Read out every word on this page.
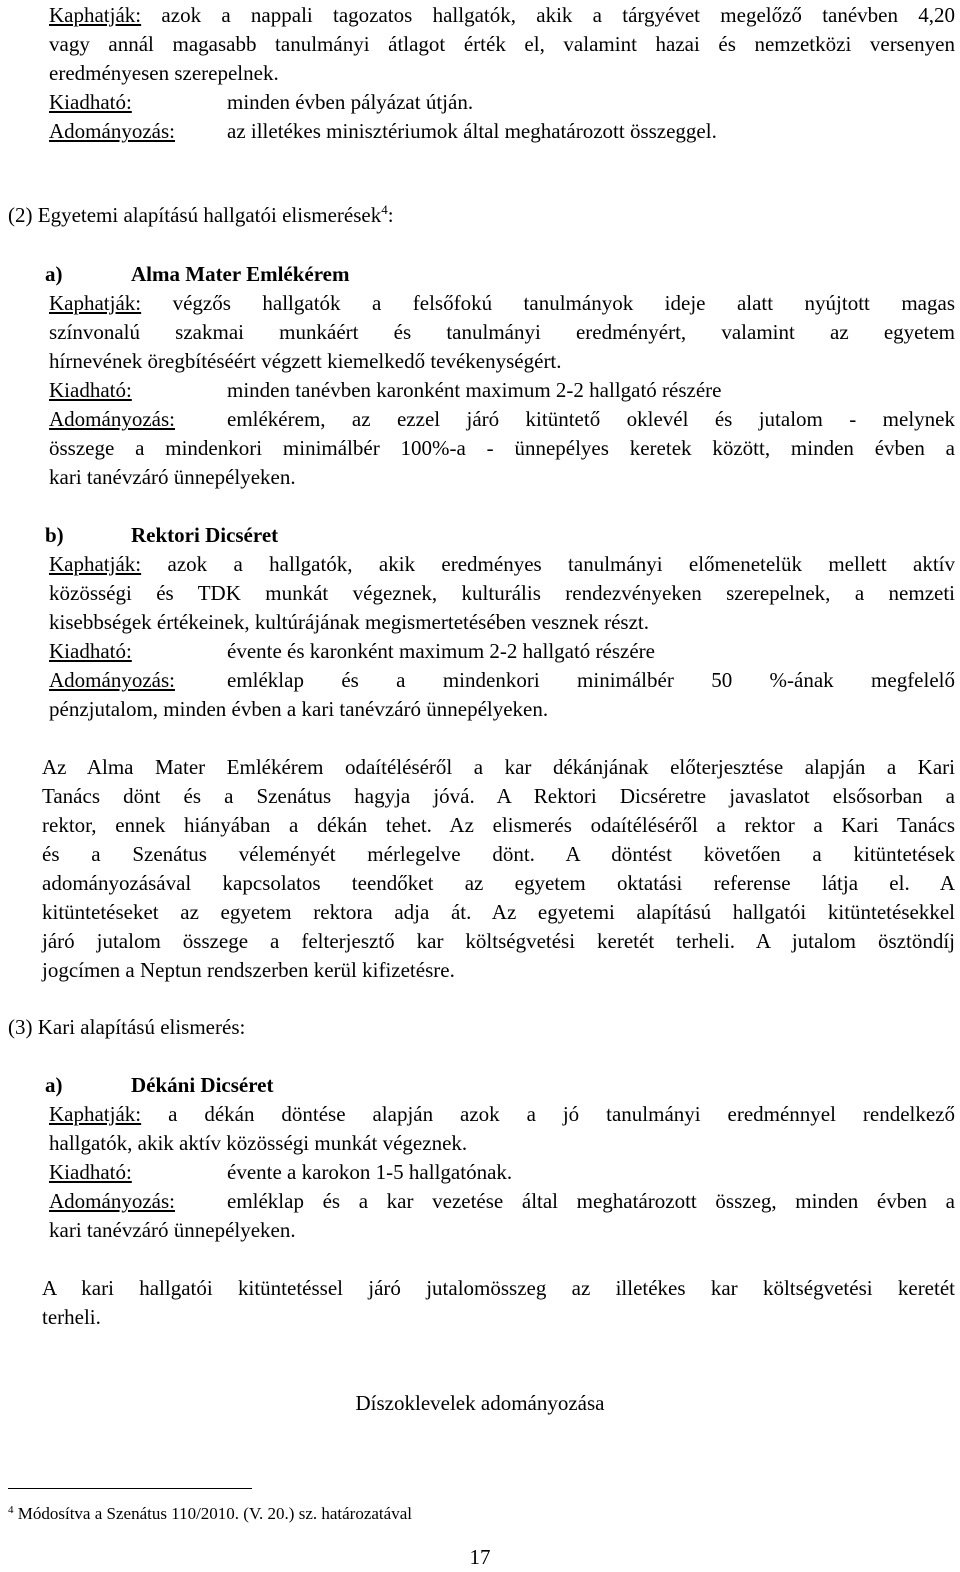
Kaphatják: azok a nappali tagozatos hallgatók, akik a tárgyévet megelőző tanévben 4,20
vagy annál magasabb tanulmányi átlagot érték el, valamint hazai és nemzetközi versenyen
eredményesen szerepelnek.
Kiadható:	minden évben pályázat útján.
Adományozás: az illetékes minisztériumok által meghatározott összeggel.
(2) Egyetemi alapítású hallgatói elismerések$^4$:
a)	Alma Mater Emlékérem
Kaphatják: végzős hallgatók a felsőfokú tanulmányok ideje alatt nyújtott magas
színvonalú szakmai munkáért és tanulmányi eredményért, valamint az egyetem
hírnevének öregbítéséért végzett kiemelkedő tevékenységért.
Kiadható:	minden tanévben karonként maximum 2-2 hallgató részére
Adományozás: emlékérem, az ezzel járó kitüntető oklevél és jutalom - melynek
összege a mindenkori minimálbér 100%-a - ünnepélyes keretek között, minden évben a
kari tanévzáró ünnepélyeken.
b)	Rektori Dicséret
Kaphatják: azok a hallgatók, akik eredményes tanulmányi előmenetelük mellett aktív
közösségi és TDK munkát végeznek, kulturális rendezvényeken szerepelnek, a nemzeti
kisebbségek értékeinek, kultúrájának megismertetésében vesznek részt.
Kiadható:	évente és karonként maximum 2-2 hallgató részére
Adományozás: emléklap és a mindenkori minimálbér 50 %-ának megfelelő
pénzjutalom, minden évben a kari tanévzáró ünnepélyeken.
Az Alma Mater Emlékérem odaítéléséről a kar dékánjának előterjesztése alapján a Kari
Tanács dönt és a Szenátus hagyja jóvá. A Rektori Dicséretre javaslatot elsősorban a
rektor, ennek hiányában a dékán tehet. Az elismerés odaítéléséről a rektor a Kari Tanács
és a Szenátus véleményét mérlegelve dönt. A döntést követően a kitüntetések
adományozásával kapcsolatos teendőket az egyetem oktatási referense látja el. A
kitüntetéseket az egyetem rektora adja át. Az egyetemi alapítású hallgatói kitüntetésekkel
járó jutalom összege a felterjesztő kar költségvetési keretét terheli. A jutalom ösztöndíj
jogcímen a Neptun rendszerben kerül kifizetésre.
(3) Kari alapítású elismerés:
a)	Dékáni Dicséret
Kaphatják: a dékán döntése alapján azok a jó tanulmányi eredménnyel rendelkező
hallgatók, akik aktív közösségi munkát végeznek.
Kiadható:	évente a karokon 1-5 hallgatónak.
Adományozás: emléklap és a kar vezetése által meghatározott összeg, minden évben a
kari tanévzáró ünnepélyeken.
A kari hallgatói kitüntetéssel járó jutalomösszeg az illetékes kar költségvetési keretét
terheli.
Díszoklevelek adományozása
$^4$ Módosítva a Szenátus 110/2010. (V. 20.) sz. határozatával
17
